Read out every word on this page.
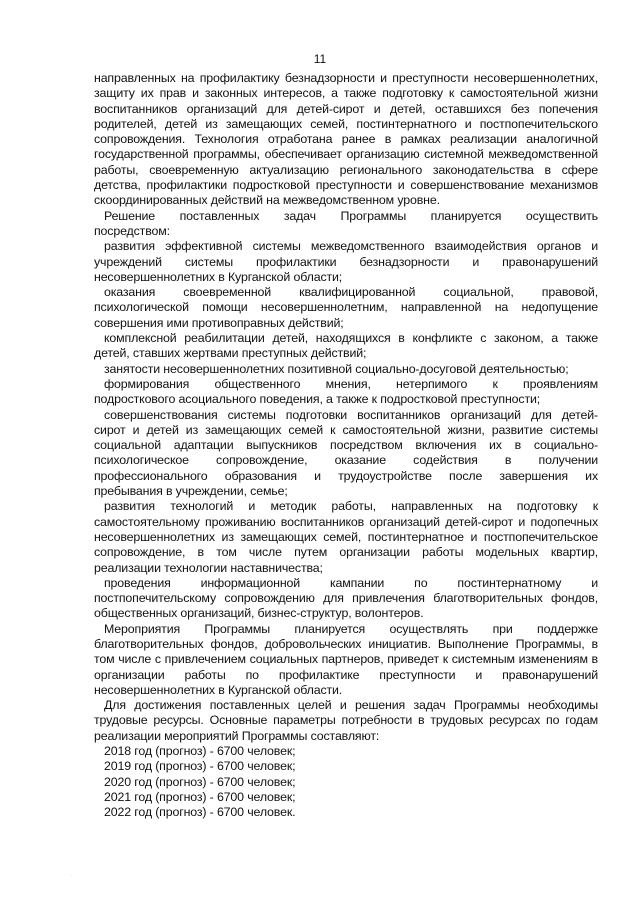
11
направленных на профилактику безнадзорности и преступности несовершеннолетних,
защиту их прав и законных интересов, а также подготовку к самостоятельной жизни
воспитанников организаций для детей-сирот и детей, оставшихся без попечения
родителей, детей из замещающих семей, постинтернатного и постпопечительского
сопровождения. Технология отработана ранее в рамках реализации аналогичной
государственной программы, обеспечивает организацию системной межведомственной
работы, своевременную актуализацию регионального законодательства в сфере
детства, профилактики подростковой преступности и совершенствование механизмов
скоординированных действий на межведомственном уровне.
Решение поставленных задач Программы планируется осуществить
посредством:
развития эффективной системы межведомственного взаимодействия органов и
учреждений системы профилактики безнадзорности и правонарушений
несовершеннолетних в Курганской области;
оказания своевременной квалифицированной социальной, правовой,
психологической помощи несовершеннолетним, направленной на недопущение
совершения ими противоправных действий;
комплексной реабилитации детей, находящихся в конфликте с законом, а также
детей, ставших жертвами преступных действий;
занятости несовершеннолетних позитивной социально-досуговой деятельностью;
формирования общественного мнения, нетерпимого к проявлениям
подросткового асоциального поведения, а также к подростковой преступности;
совершенствования системы подготовки воспитанников организаций для детей-
сирот и детей из замещающих семей к самостоятельной жизни, развитие системы
социальной адаптации выпускников посредством включения их в социально-
психологическое сопровождение, оказание содействия в получении
профессионального образования и трудоустройстве после завершения их
пребывания в учреждении, семье;
развития технологий и методик работы, направленных на подготовку к
самостоятельному проживанию воспитанников организаций детей-сирот и подопечных
несовершеннолетних из замещающих семей, постинтернатное и постпопечительское
сопровождение, в том числе путем организации работы модельных квартир,
реализации технологии наставничества;
проведения информационной кампании по постинтернатному и
постпопечительскому сопровождению для привлечения благотворительных фондов,
общественных организаций, бизнес-структур, волонтеров.
Мероприятия Программы планируется осуществлять при поддержке
благотворительных фондов, добровольческих инициатив. Выполнение Программы, в
том числе с привлечением социальных партнеров, приведет к системным изменениям в
организации работы по профилактике преступности и правонарушений
несовершеннолетних в Курганской области.
Для достижения поставленных целей и решения задач Программы необходимы
трудовые ресурсы. Основные параметры потребности в трудовых ресурсах по годам
реализации мероприятий Программы составляют:
2018 год (прогноз) - 6700 человек;
2019 год (прогноз) - 6700 человек;
2020 год (прогноз) - 6700 человек;
2021 год (прогноз) - 6700 человек;
2022 год (прогноз) - 6700 человек.
.
